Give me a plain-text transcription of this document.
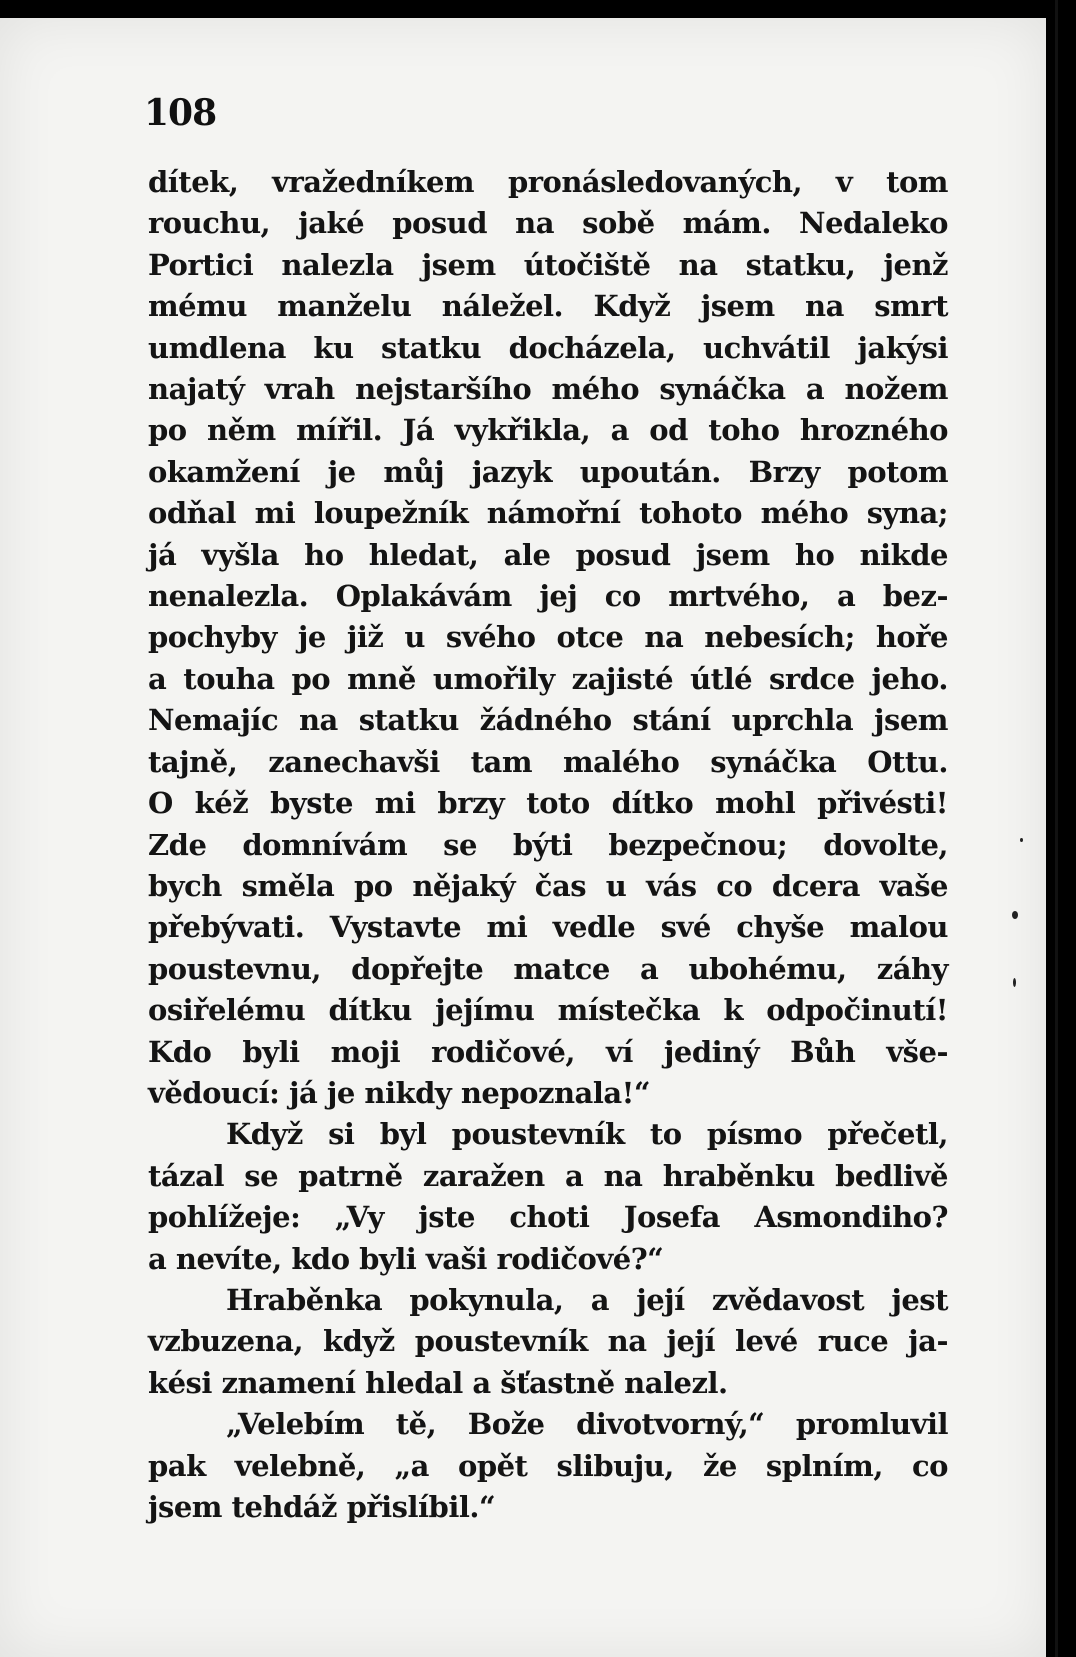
108
dítek, vražedníkem pronásledovaných, v tom
rouchu, jaké posud na sobě mám. Nedaleko
Portici nalezla jsem útočiště na statku, jenž
mému manželu náležel. Když jsem na smrt
umdlena ku statku docházela, uchvátil jakýsi
najatý vrah nejstaršího mého synáčka a nožem
po něm mířil. Já vykřikla, a od toho hrozného
okamžení je můj jazyk upoután. Brzy potom
odňal mi loupežník námořní tohoto mého syna;
já vyšla ho hledat, ale posud jsem ho nikde
nenalezla. Oplakávám jej co mrtvého, a bez-
pochyby je již u svého otce na nebesích; hoře
a touha po mně umořily zajisté útlé srdce jeho.
Nemajíc na statku žádného stání uprchla jsem
tajně, zanechavši tam malého synáčka Ottu.
O kéž byste mi brzy toto dítko mohl přivésti!
Zde domnívám se býti bezpečnou; dovolte,
bych směla po nějaký čas u vás co dcera vaše
přebývati. Vystavte mi vedle své chyše malou
poustevnu, dopřejte matce a ubohému, záhy
osiřelému dítku jejímu místečka k odpočinutí!
Kdo byli moji rodičové, ví jediný Bůh vše-
vědoucí: já je nikdy nepoznala!“
Když si byl poustevník to písmo přečetl,
tázal se patrně zaražen a na hraběnku bedlivě
pohlížeje: „Vy jste choti Josefa Asmondiho?
a nevíte, kdo byli vaši rodičové?“
Hraběnka pokynula, a její zvědavost jest
vzbuzena, když poustevník na její levé ruce ja-
kési znamení hledal a šťastně nalezl.
„Velebím tě, Bože divotvorný,“ promluvil
pak velebně, „a opět slibuju, že splním, co
jsem tehdáž přislíbil.“
